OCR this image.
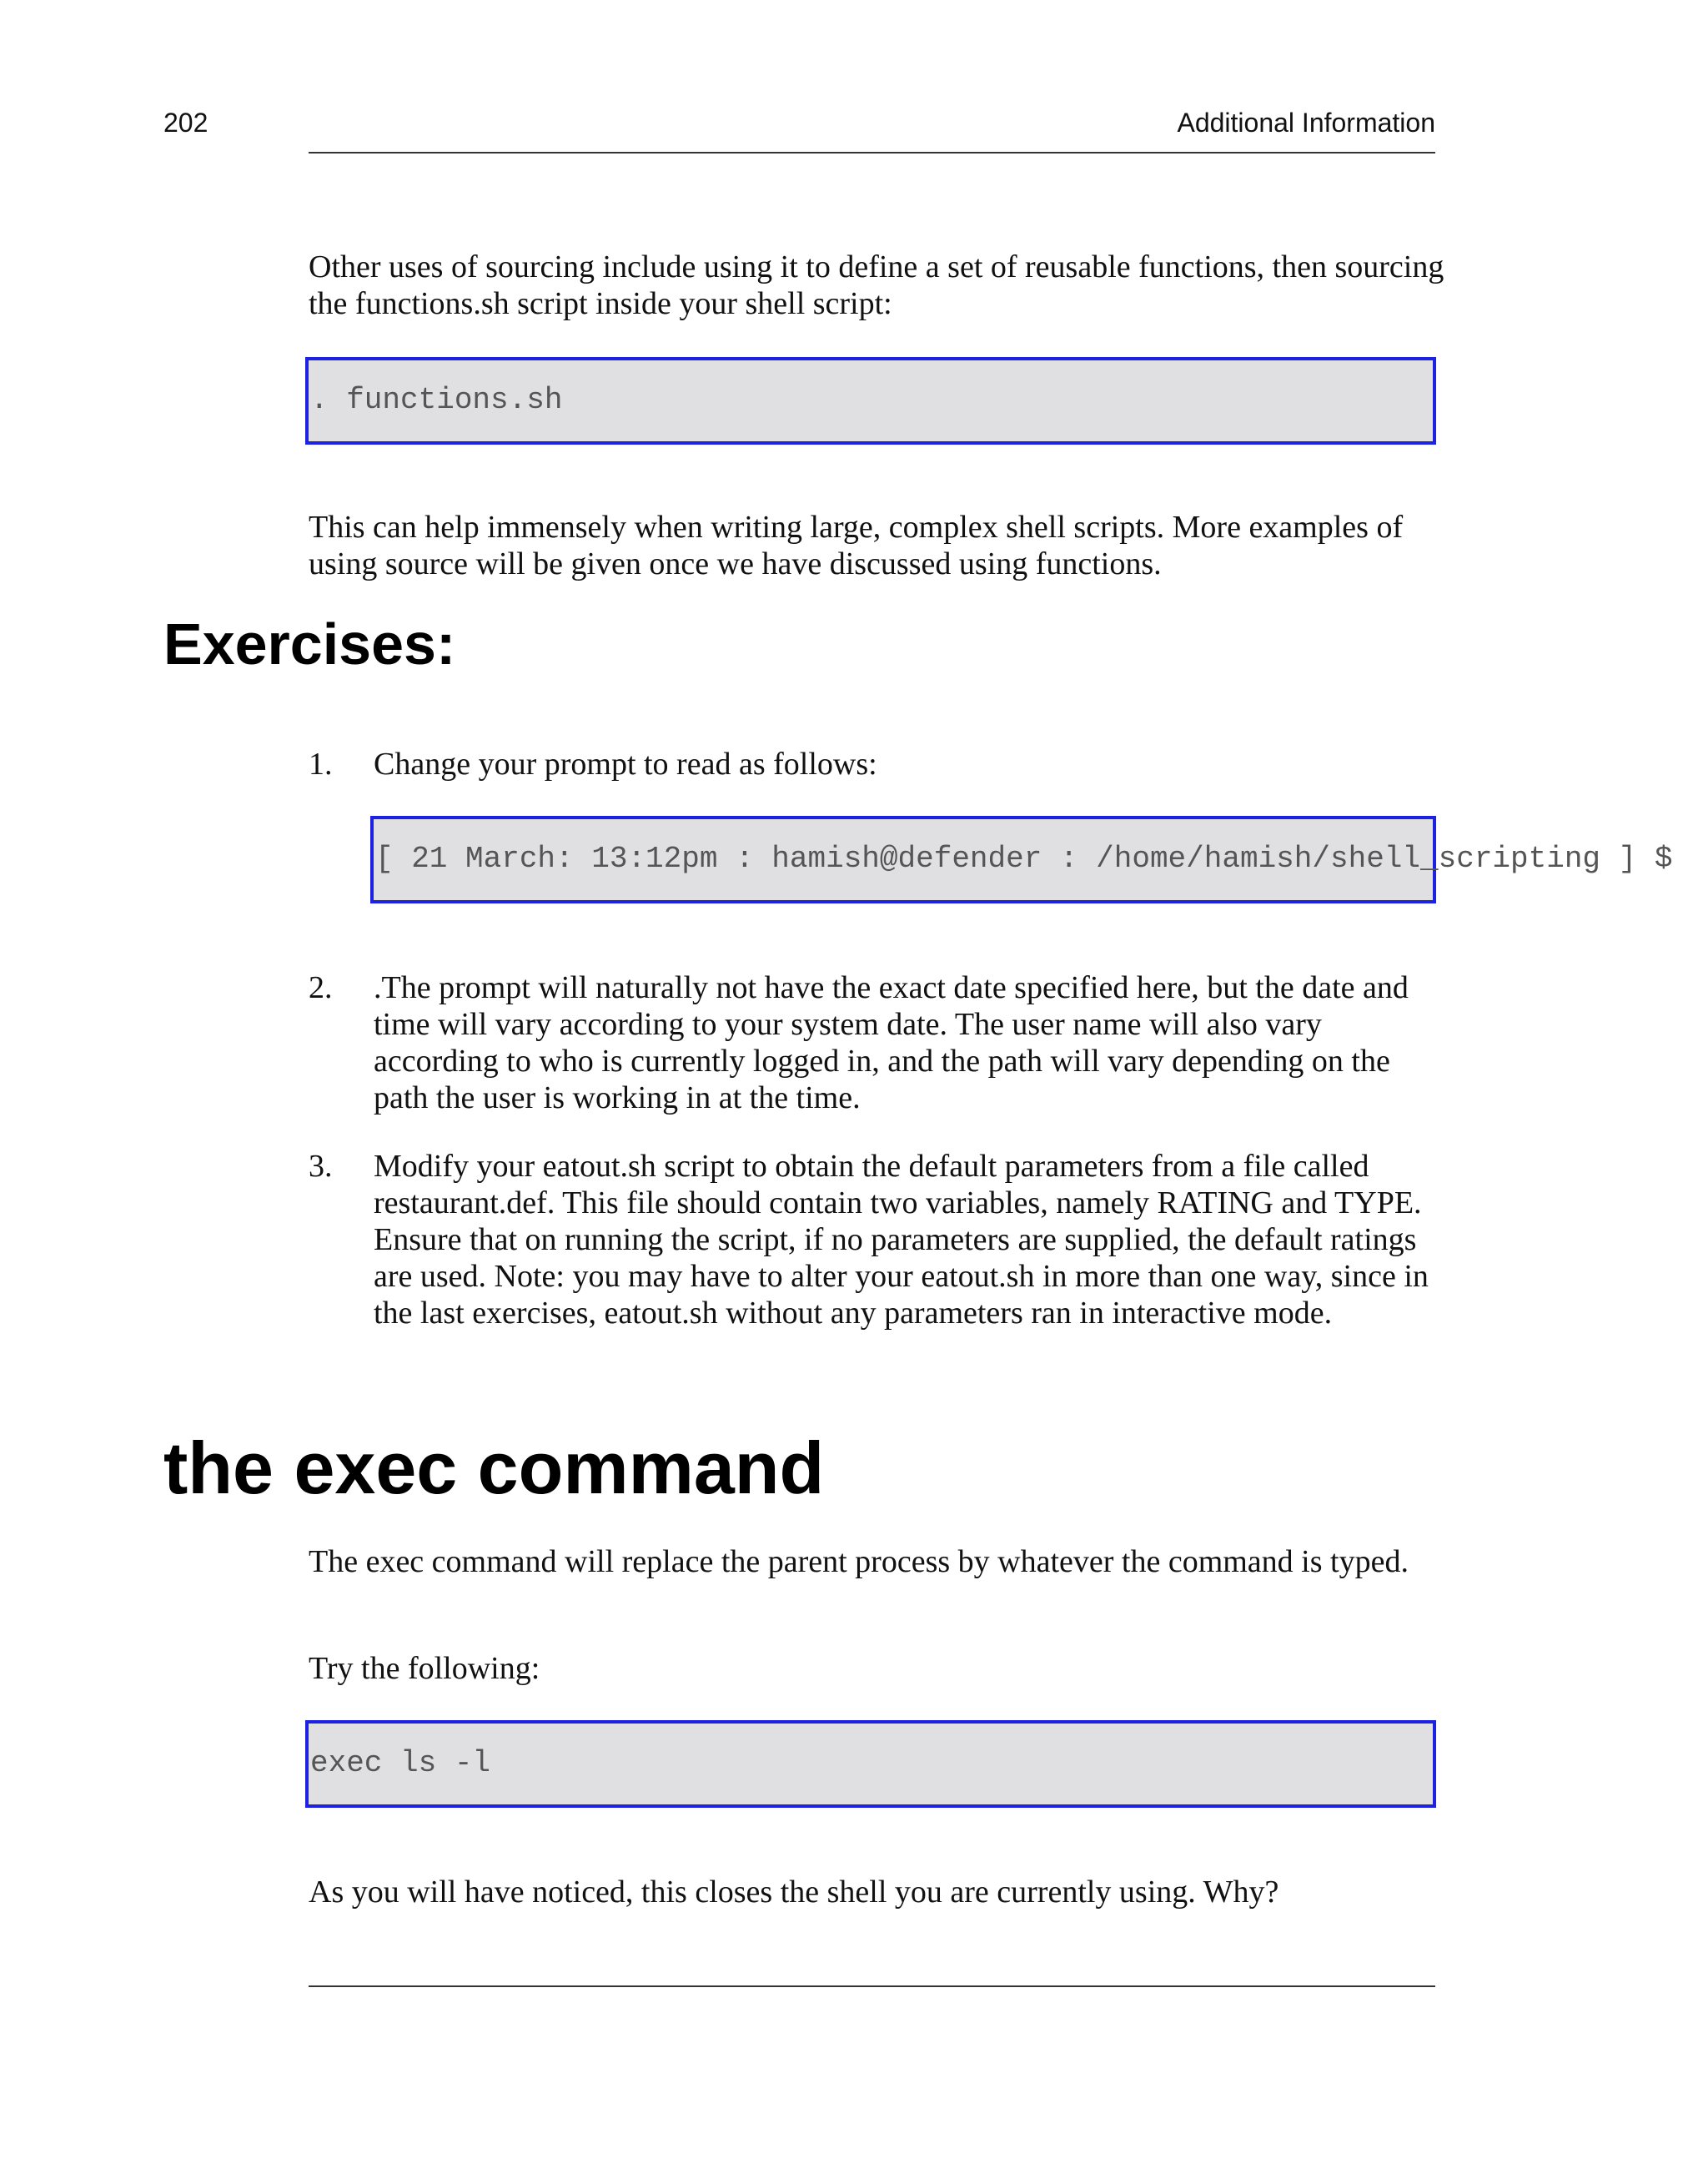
202	Additional Information

Other uses of sourcing include using it to define a set of reusable functions, then sourcing the functions.sh script inside your shell script:

. functions.sh

This can help immensely when writing large, complex shell scripts. More examples of using source will be given once we have discussed using functions.

Exercises:
1. Change your prompt to read as follows:

[ 21 March: 13:12pm : hamish@defender : /home/hamish/shell_scripting ] $

2. .The prompt will naturally not have the exact date specified here, but the date and time will vary according to your system date. The user name will also vary according to who is currently logged in, and the path will vary depending on the path the user is working in at the time.

3. Modify your eatout.sh script to obtain the default parameters from a file called restaurant.def. This file should contain two variables, namely RATING and TYPE. Ensure that on running the script, if no parameters are supplied, the default ratings are used. Note: you may have to alter your eatout.sh in more than one way, since in the last exercises, eatout.sh without any parameters ran in interactive mode.

the exec command

The exec command will replace the parent process by whatever the command is typed.

Try the following:

exec ls -l

As you will have noticed, this closes the shell you are currently using. Why?
